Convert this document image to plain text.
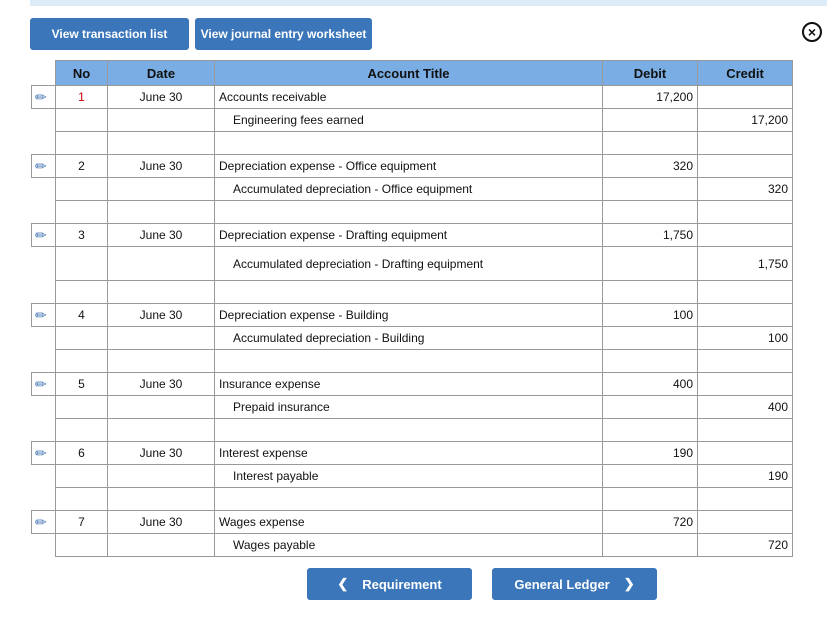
View transaction list	View journal entry worksheet	×
	No	Date	Account Title	Debit	Credit
✏︎	1	June 30	Accounts receivable	17,200	
			Engineering fees earned		17,200

✏︎	2	June 30	Depreciation expense - Office equipment	320	
			Accumulated depreciation - Office equipment		320

✏︎	3	June 30	Depreciation expense - Drafting equipment	1,750	
			Accumulated depreciation - Drafting equipment		1,750

✏︎	4	June 30	Depreciation expense - Building	100	
			Accumulated depreciation - Building		100

✏︎	5	June 30	Insurance expense	400	
			Prepaid insurance		400

✏︎	6	June 30	Interest expense	190	
			Interest payable		190

✏︎	7	June 30	Wages expense	720	
			Wages payable		720
❮ Requirement	General Ledger ❯
